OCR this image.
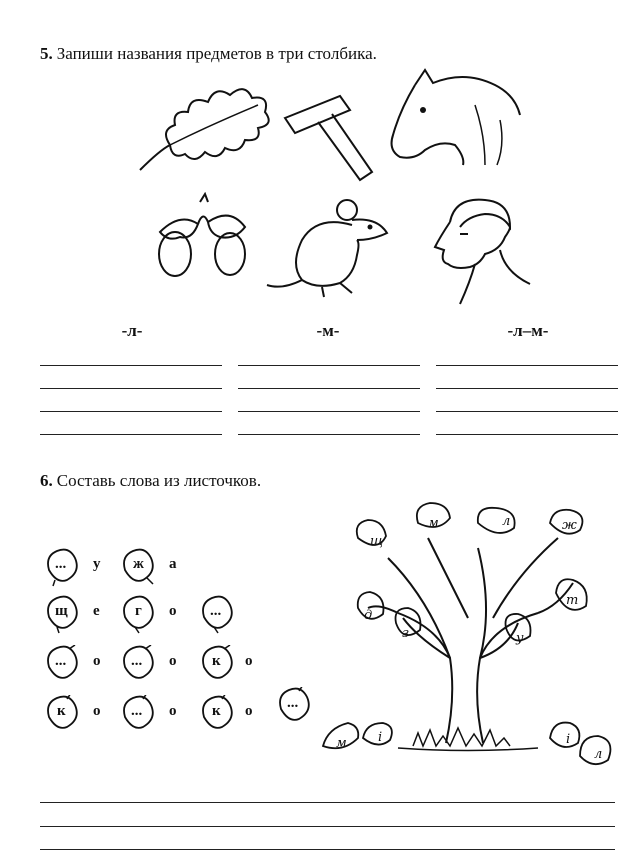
5. Запиши названия предметов в три столбика.
-л-	-м-	-л–м-
6. Составь слова из листочков.
... у ж а
щ е г о ...
... о ... о к о
к о ... о к о ...
щ
м	л	ж
т
у
з
д
м і	і
л
